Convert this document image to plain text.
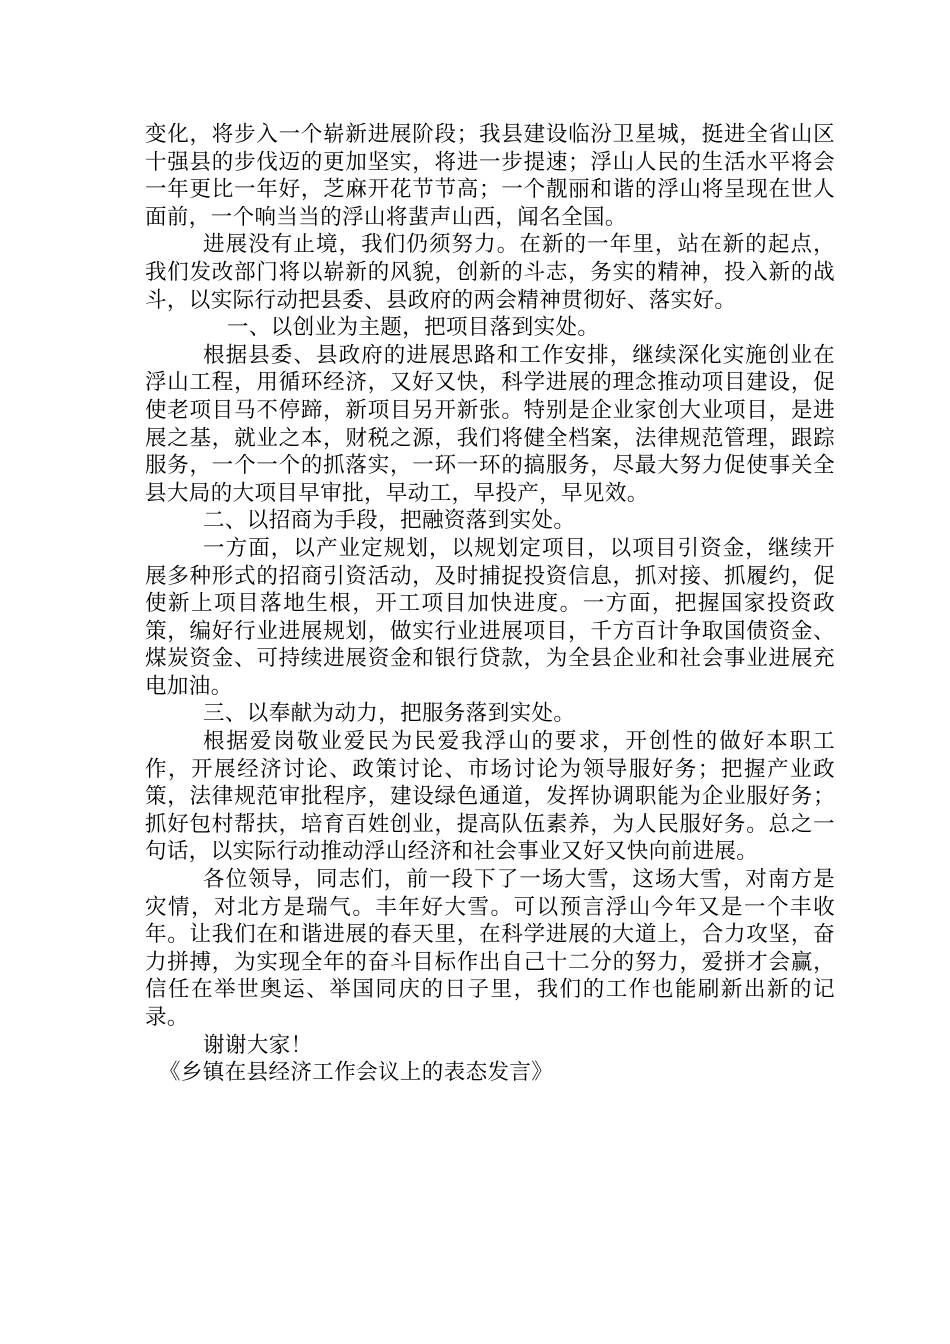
变化，将步入一个崭新进展阶段；我县建设临汾卫星城，挺进全省山区十强县的步伐迈的更加坚实，将进一步提速；浮山人民的生活水平将会一年更比一年好，芝麻开花节节高；一个靓丽和谐的浮山将呈现在世人面前，一个响当当的浮山将蜚声山西，闻名全国。

进展没有止境，我们仍须努力。在新的一年里，站在新的起点，我们发改部门将以崭新的风貌，创新的斗志，务实的精神，投入新的战斗，以实际行动把县委、县政府的两会精神贯彻好、落实好。

一、以创业为主题，把项目落到实处。

根据县委、县政府的进展思路和工作安排，继续深化实施创业在浮山工程，用循环经济，又好又快，科学进展的理念推动项目建设，促使老项目马不停蹄，新项目另开新张。特别是企业家创大业项目，是进展之基，就业之本，财税之源，我们将健全档案，法律规范管理，跟踪服务，一个一个的抓落实，一环一环的搞服务，尽最大努力促使事关全县大局的大项目早审批，早动工，早投产，早见效。

二、以招商为手段，把融资落到实处。

一方面，以产业定规划，以规划定项目，以项目引资金，继续开展多种形式的招商引资活动，及时捕捉投资信息，抓对接、抓履约，促使新上项目落地生根，开工项目加快进度。一方面，把握国家投资政策，编好行业进展规划，做实行业进展项目，千方百计争取国债资金、煤炭资金、可持续进展资金和银行贷款，为全县企业和社会事业进展充电加油。

三、以奉献为动力，把服务落到实处。

根据爱岗敬业爱民为民爱我浮山的要求，开创性的做好本职工作，开展经济讨论、政策讨论、市场讨论为领导服好务；把握产业政策，法律规范审批程序，建设绿色通道，发挥协调职能为企业服好务；抓好包村帮扶，培育百姓创业，提高队伍素养，为人民服好务。总之一句话，以实际行动推动浮山经济和社会事业又好又快向前进展。

各位领导，同志们，前一段下了一场大雪，这场大雪，对南方是灾情，对北方是瑞气。丰年好大雪。可以预言浮山今年又是一个丰收年。让我们在和谐进展的春天里，在科学进展的大道上，合力攻坚，奋力拼搏，为实现全年的奋斗目标作出自己十二分的努力，爱拼才会赢，信任在举世奥运、举国同庆的日子里，我们的工作也能刷新出新的记录。

谢谢大家！

《乡镇在县经济工作会议上的表态发言》
